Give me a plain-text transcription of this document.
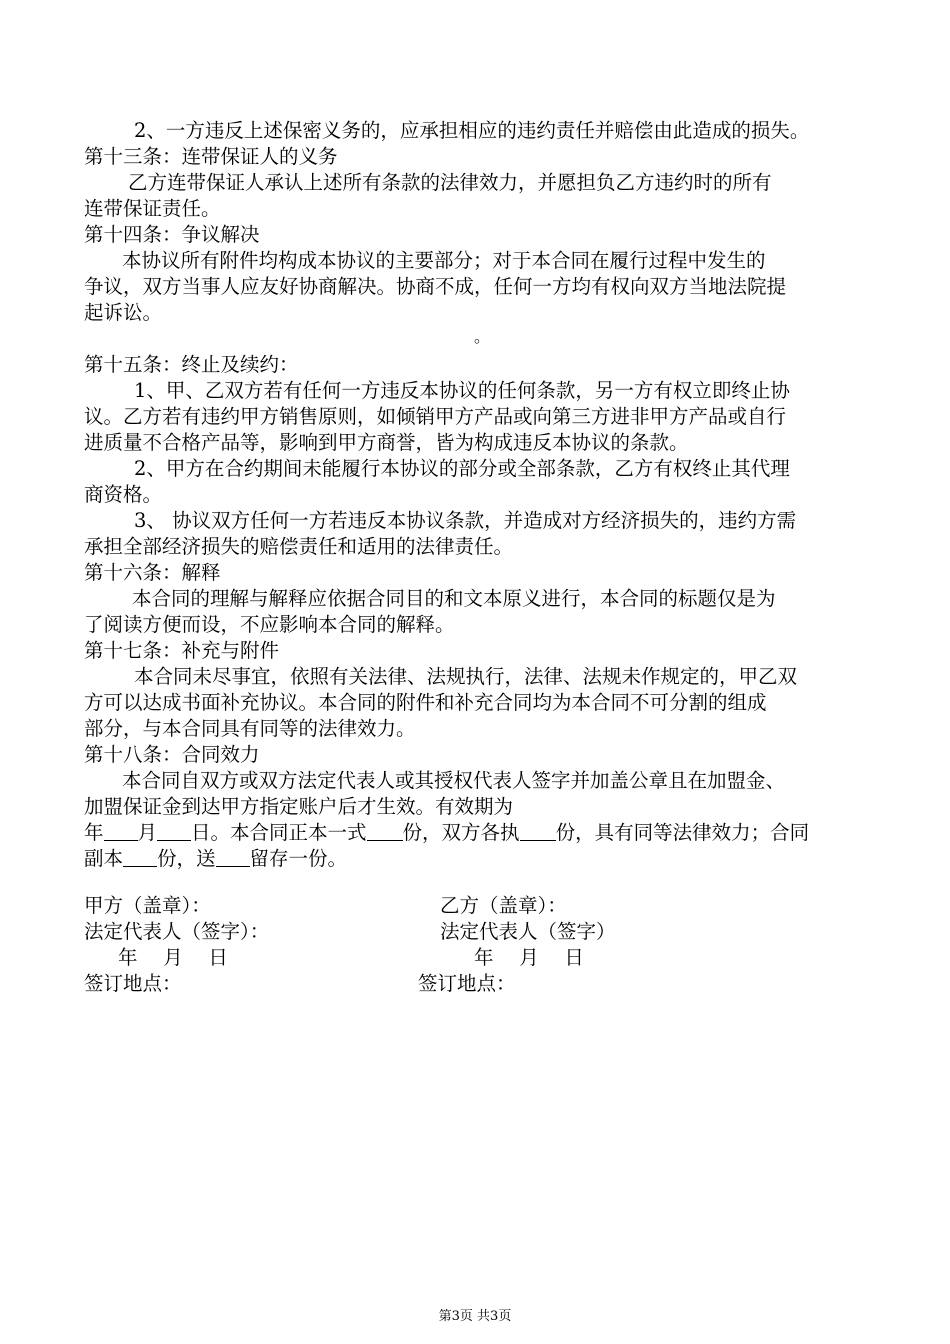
2、一方违反上述保密义务的，应承担相应的违约责任并赔偿由此造成的损失。
第十三条：连带保证人的义务
乙方连带保证人承认上述所有条款的法律效力，并愿担负乙方违约时的所有
连带保证责任。
第十四条：争议解决
本协议所有附件均构成本协议的主要部分；对于本合同在履行过程中发生的
争议，双方当事人应友好协商解决。协商不成，任何一方均有权向双方当地法院提
起诉讼。
第十五条：终止及续约：
1、甲、乙双方若有任何一方违反本协议的任何条款，另一方有权立即终止协
议。乙方若有违约甲方销售原则，如倾销甲方产品或向第三方进非甲方产品或自行
进质量不合格产品等，影响到甲方商誉，皆为构成违反本协议的条款。
2、甲方在合约期间未能履行本协议的部分或全部条款，乙方有权终止其代理
商资格。
3、 协议双方任何一方若违反本协议条款，并造成对方经济损失的，违约方需
承担全部经济损失的赔偿责任和适用的法律责任。
第十六条：解释
本合同的理解与解释应依据合同目的和文本原义进行，本合同的标题仅是为
了阅读方便而设，不应影响本合同的解释。
第十七条：补充与附件
本合同未尽事宜，依照有关法律、法规执行，法律、法规未作规定的，甲乙双
方可以达成书面补充协议。本合同的附件和补充合同均为本合同不可分割的组成
部分，与本合同具有同等的法律效力。
第十八条：合同效力
本合同自双方或双方法定代表人或其授权代表人签字并加盖公章且在加盟金、
加盟保证金到达甲方指定账户后才生效。有效期为
年 月 日。本合同正本一式 份，双方各执 份，具有同等法律效力；合同
副本 份，送 留存一份。
。
甲方（盖章）：	乙方（盖章）：
法定代表人（签字）：	法定代表人（签字）
年　 月 　日	年　 月 　日
签订地点：	签订地点：
第3页 共3页
